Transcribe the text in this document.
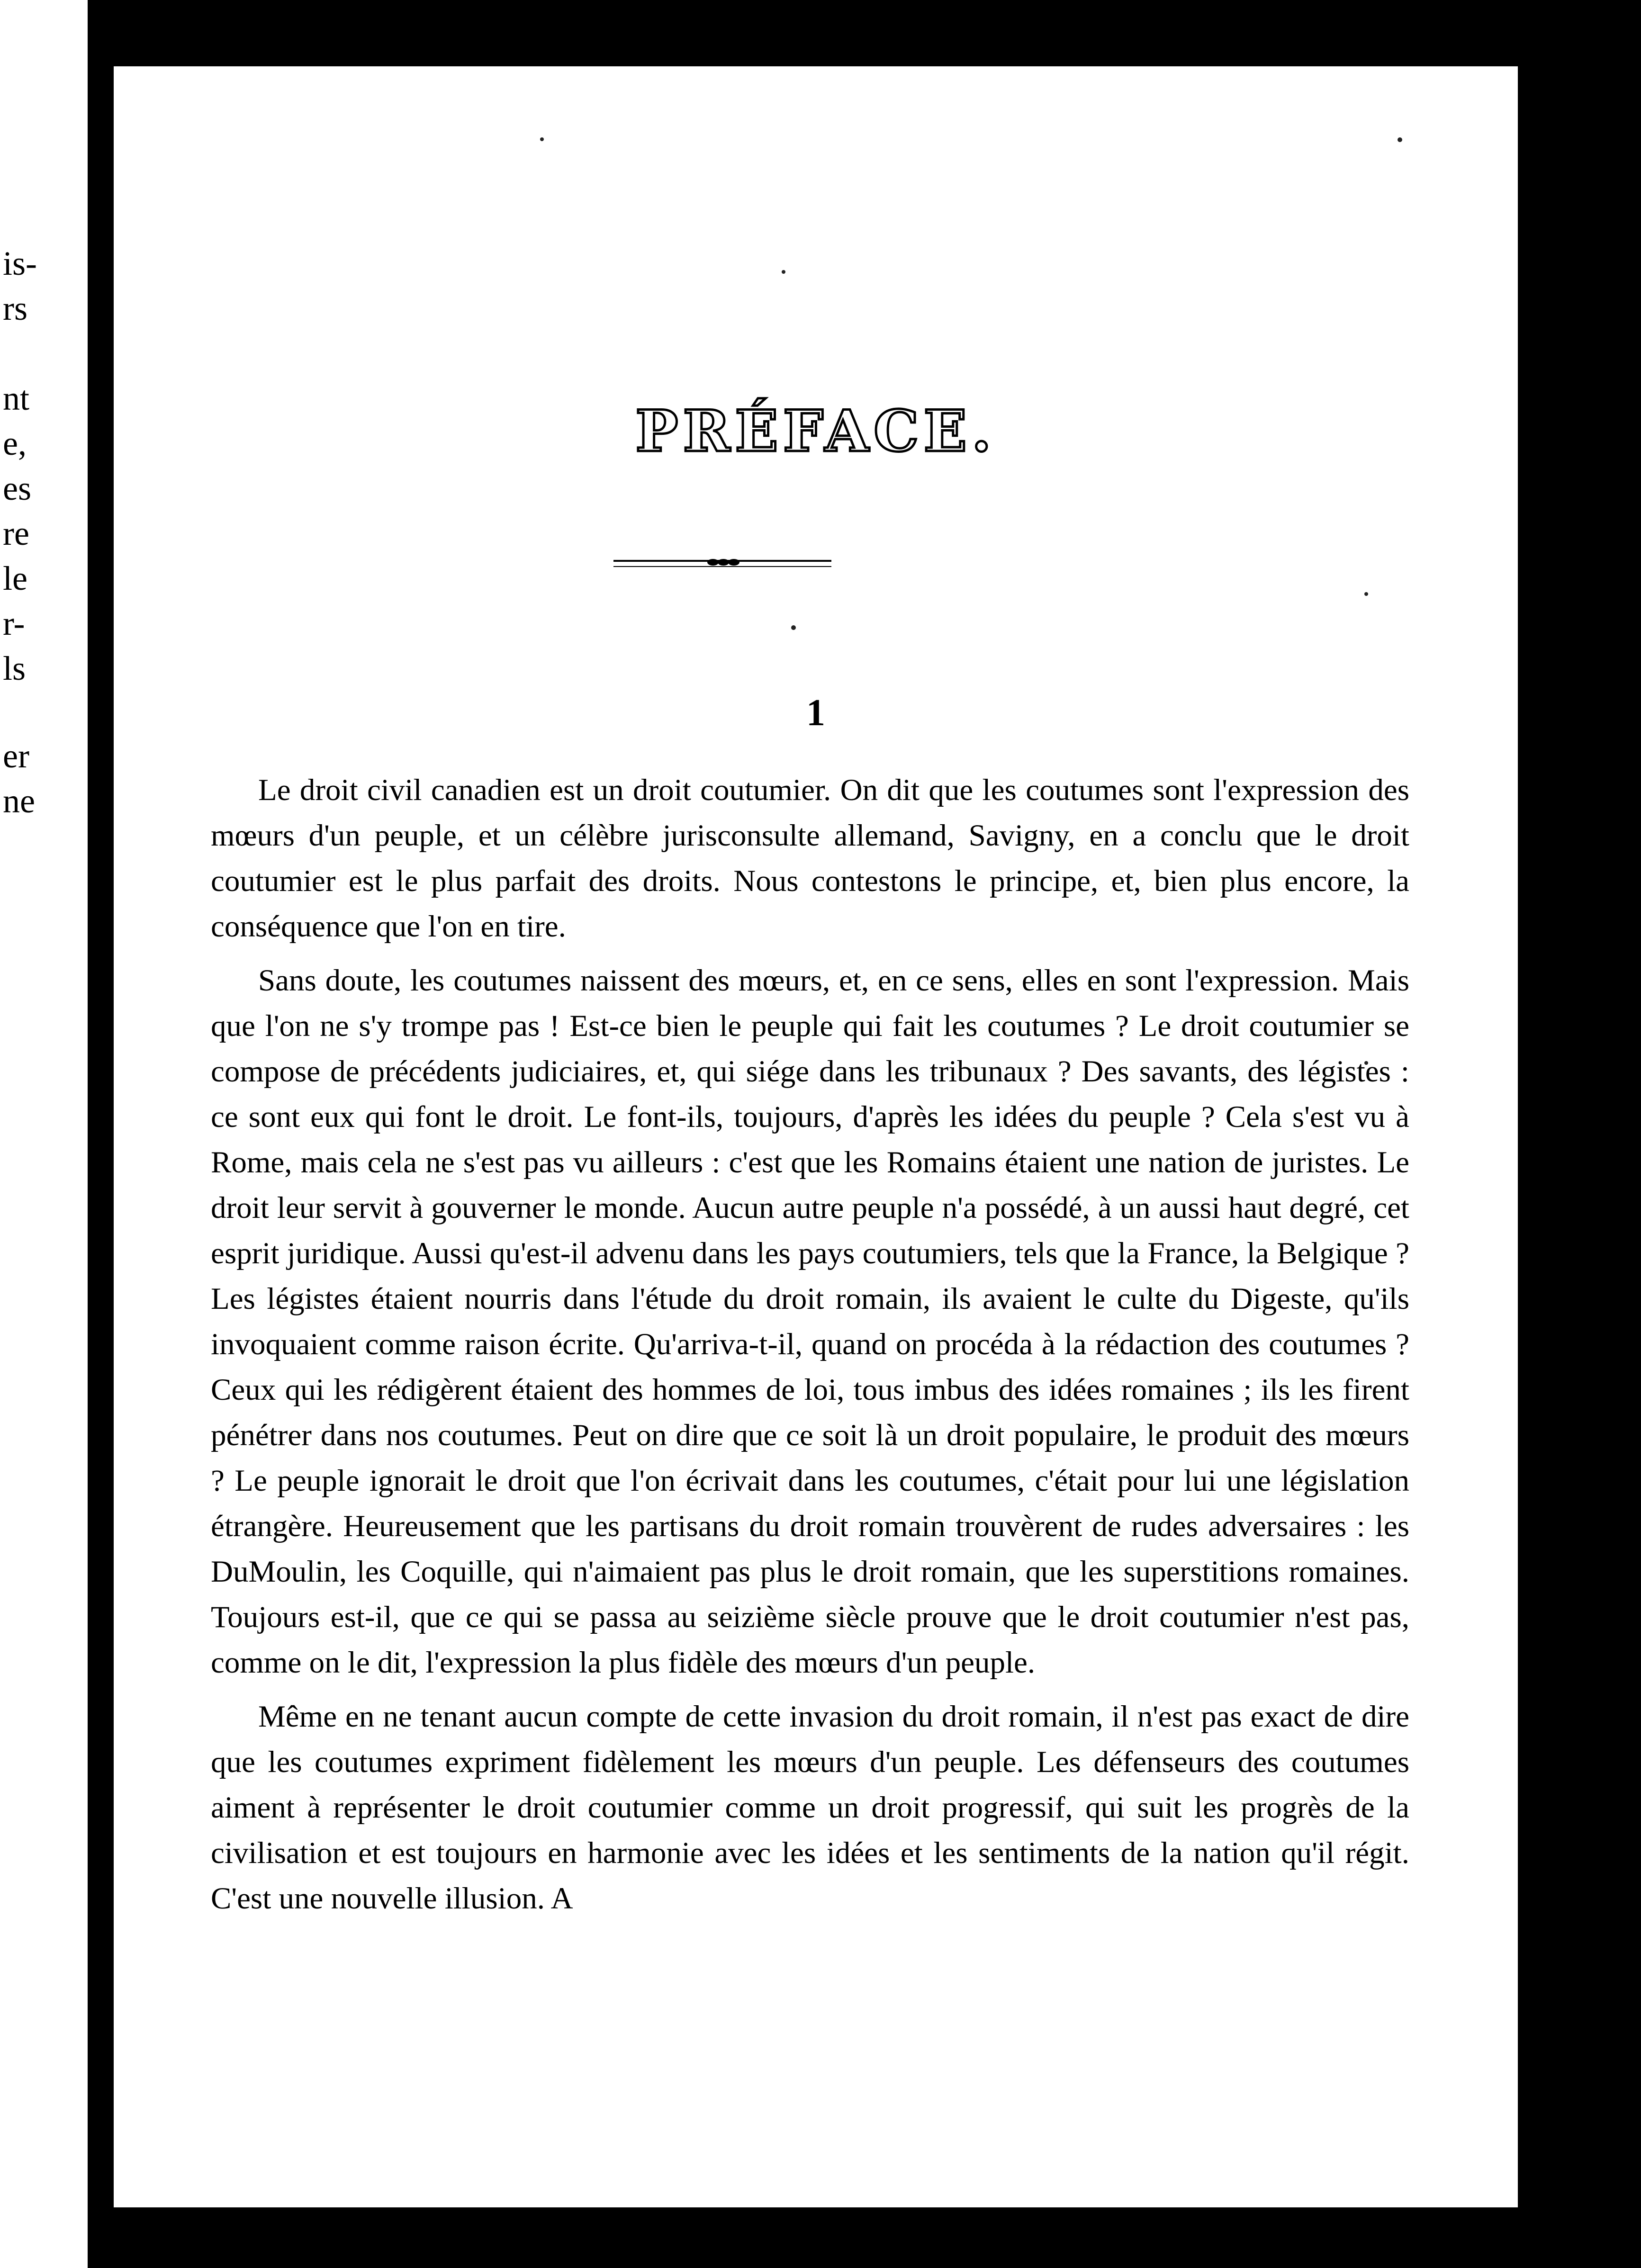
is-
rs
nt
e,
es
re
le
r-
ls
er
ne
PRÉFACE.
1

Le droit civil canadien est un droit coutumier. On dit que les coutumes sont l'expression des mœurs d'un peuple, et un célèbre jurisconsulte allemand, Savigny, en a conclu que le droit coutumier est le plus parfait des droits. Nous contestons le principe, et, bien plus encore, la conséquence que l'on en tire.

Sans doute, les coutumes naissent des mœurs, et, en ce sens, elles en sont l'expression. Mais que l'on ne s'y trompe pas ! Est-ce bien le peuple qui fait les coutumes ? Le droit coutumier se compose de précédents judiciaires, et, qui siége dans les tribunaux ? Des savants, des légistes : ce sont eux qui font le droit. Le font-ils, toujours, d'après les idées du peuple ? Cela s'est vu à Rome, mais cela ne s'est pas vu ailleurs : c'est que les Romains étaient une nation de juristes. Le droit leur servit à gouverner le monde. Aucun autre peuple n'a possédé, à un aussi haut degré, cet esprit juridique. Aussi qu'est-il advenu dans les pays coutumiers, tels que la France, la Belgique ? Les légistes étaient nourris dans l'étude du droit romain, ils avaient le culte du Digeste, qu'ils invoquaient comme raison écrite. Qu'arriva-t-il, quand on procéda à la rédaction des coutumes ? Ceux qui les rédigèrent étaient des hommes de loi, tous imbus des idées romaines ; ils les firent pénétrer dans nos coutumes. Peut on dire que ce soit là un droit populaire, le produit des mœurs ? Le peuple ignorait le droit que l'on écrivait dans les coutumes, c'était pour lui une législation étrangère. Heureusement que les partisans du droit romain trouvèrent de rudes adversaires : les DuMoulin, les Coquille, qui n'aimaient pas plus le droit romain, que les superstitions romaines. Toujours est-il, que ce qui se passa au seizième siècle prouve que le droit coutumier n'est pas, comme on le dit, l'expression la plus fidèle des mœurs d'un peuple.

Même en ne tenant aucun compte de cette invasion du droit romain, il n'est pas exact de dire que les coutumes expriment fidèlement les mœurs d'un peuple. Les défenseurs des coutumes aiment à représenter le droit coutumier comme un droit progressif, qui suit les progrès de la civilisation et est toujours en harmonie avec les idées et les sentiments de la nation qu'il régit. C'est une nouvelle illusion. A
